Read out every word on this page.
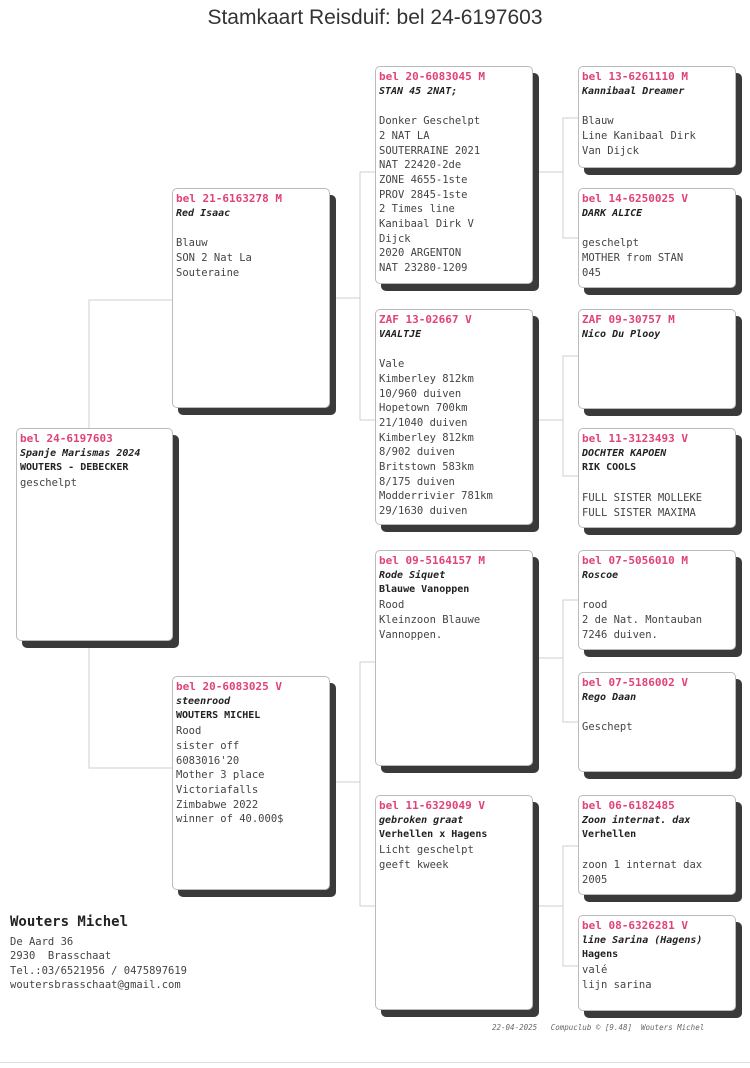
Stamkaart Reisduif: bel 24-6197603
bel 24-6197603
Spanje Marismas 2024
WOUTERS - DEBECKER
geschelpt
bel 21-6163278 M
Red Isaac
Blauw
SON 2 Nat La
Souteraine
bel 20-6083025 V
steenrood
WOUTERS MICHEL
Rood
sister off
6083016'20
Mother 3 place
Victoriafalls
Zimbabwe 2022
winner of 40.000$
bel 20-6083045 M
STAN 45 2NAT;
Donker Geschelpt
2 NAT LA
SOUTERRAINE 2021
NAT 22420-2de
ZONE 4655-1ste
PROV 2845-1ste
2 Times line
Kanibaal Dirk V
Dijck
2020 ARGENTON
NAT 23280-1209
ZAF 13-02667 V
VAALTJE
Vale
Kimberley 812km
10/960 duiven
Hopetown 700km
21/1040 duiven
Kimberley 812km
8/902 duiven
Britstown 583km
8/175 duiven
Modderrivier 781km
29/1630 duiven
bel 09-5164157 M
Rode Siquet
Blauwe Vanoppen
Rood
Kleinzoon Blauwe
Vannoppen.
bel 11-6329049 V
gebroken graat
Verhellen x Hagens
Licht geschelpt
geeft kweek
bel 13-6261110 M
Kannibaal Dreamer
Blauw
Line Kanibaal Dirk
Van Dijck
bel 14-6250025 V
DARK ALICE
geschelpt
MOTHER from STAN
045
ZAF 09-30757 M
Nico Du Plooy
bel 11-3123493 V
DOCHTER KAPOEN
RIK COOLS
FULL SISTER MOLLEKE
FULL SISTER MAXIMA
bel 07-5056010 M
Roscoe
rood
2 de Nat. Montauban
7246 duiven.
bel 07-5186002 V
Rego Daan
Geschept
bel 06-6182485
Zoon internat. dax
Verhellen
zoon 1 internat dax
2005
bel 08-6326281 V
line Sarina (Hagens)
Hagens
valé
lijn sarina
Wouters Michel
De Aard 36
2930  Brasschaat
Tel.:03/6521956 / 0475897619
woutersbrasschaat@gmail.com
22-04-2025   Compuclub © [9.48]  Wouters Michel
